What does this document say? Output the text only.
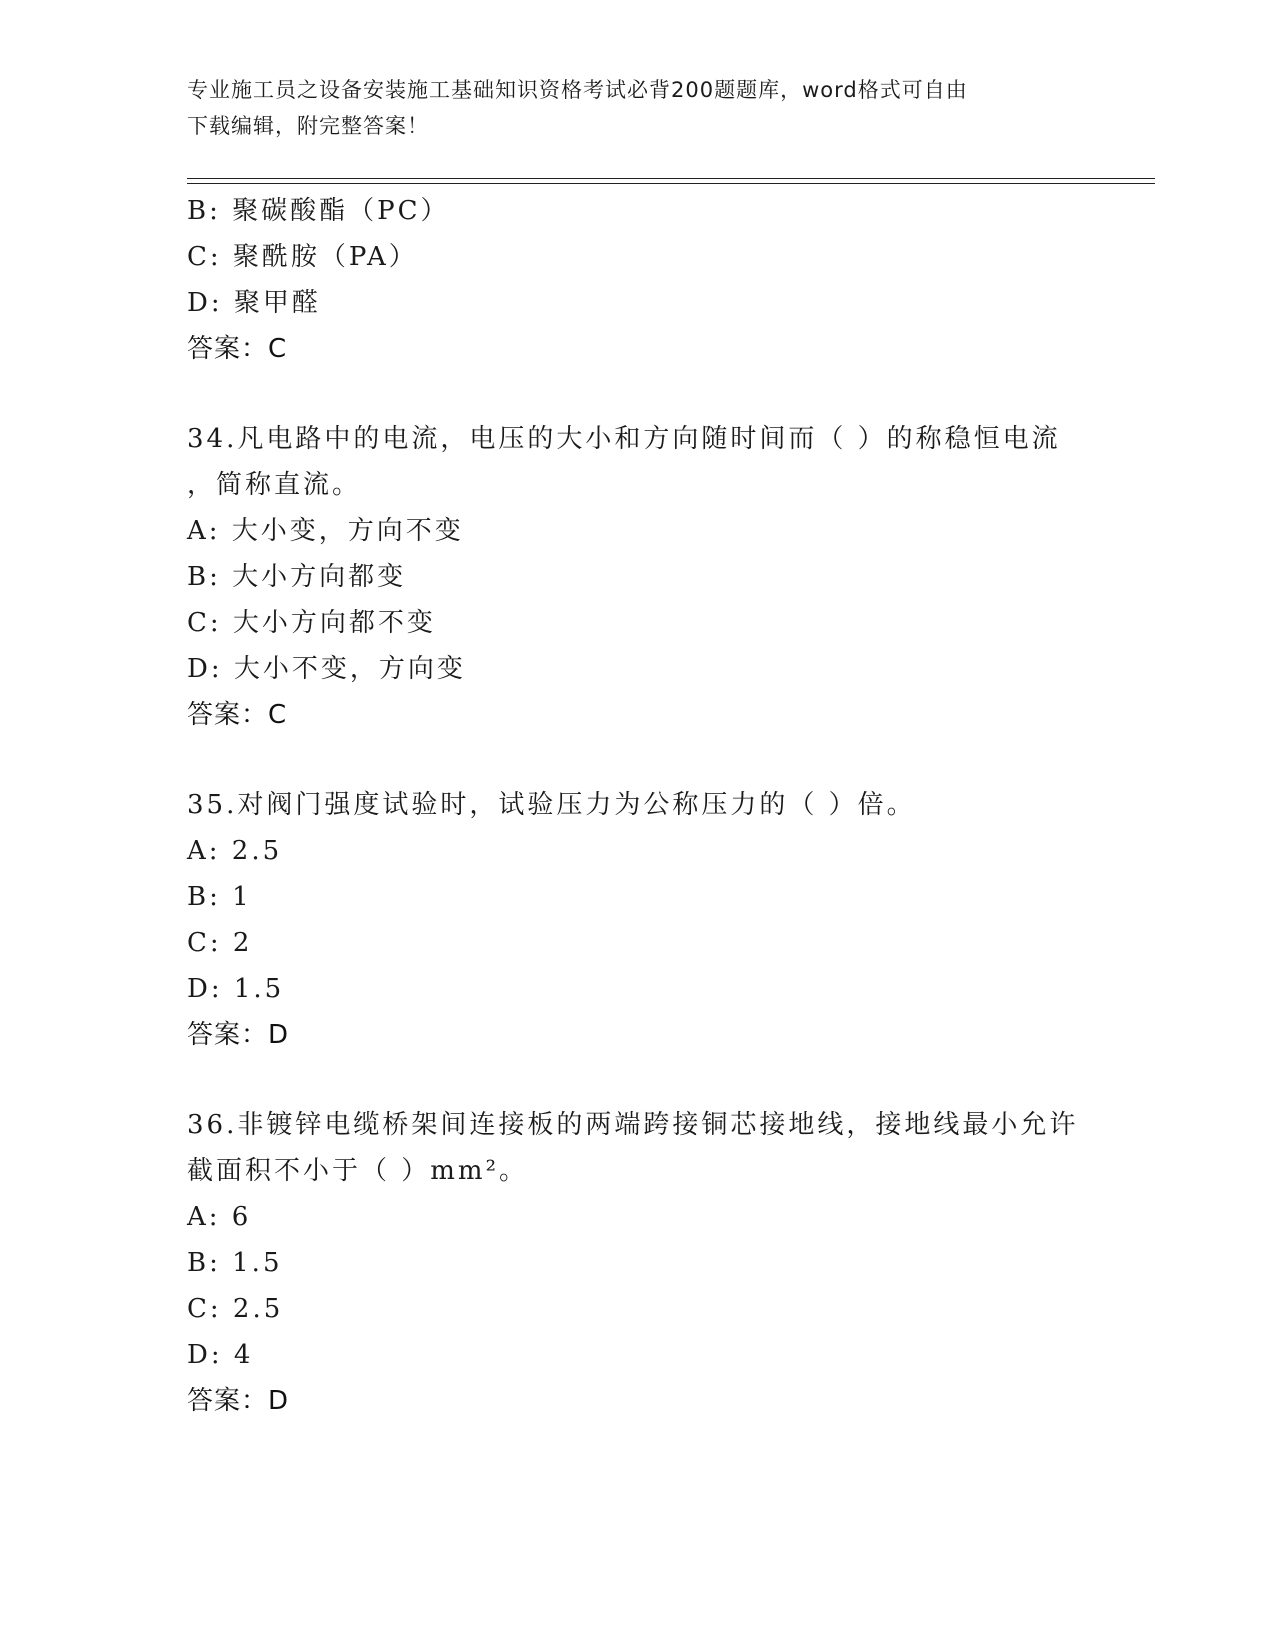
专业施工员之设备安装施工基础知识资格考试必背200题题库，word格式可自由
下载编辑，附完整答案！
B: 聚碳酸酯（PC）
C: 聚酰胺（PA）
D: 聚甲醛
答案：C
34.凡电路中的电流，电压的大小和方向随时间而（ ）的称稳恒电流
，简称直流。
A: 大小变，方向不变
B: 大小方向都变
C: 大小方向都不变
D: 大小不变，方向变
答案：C
35.对阀门强度试验时，试验压力为公称压力的（ ）倍。
A: 2.5
B: 1
C: 2
D: 1.5
答案：D
36.非镀锌电缆桥架间连接板的两端跨接铜芯接地线，接地线最小允许
截面积不小于（ ）mm²。
A: 6
B: 1.5
C: 2.5
D: 4
答案：D
